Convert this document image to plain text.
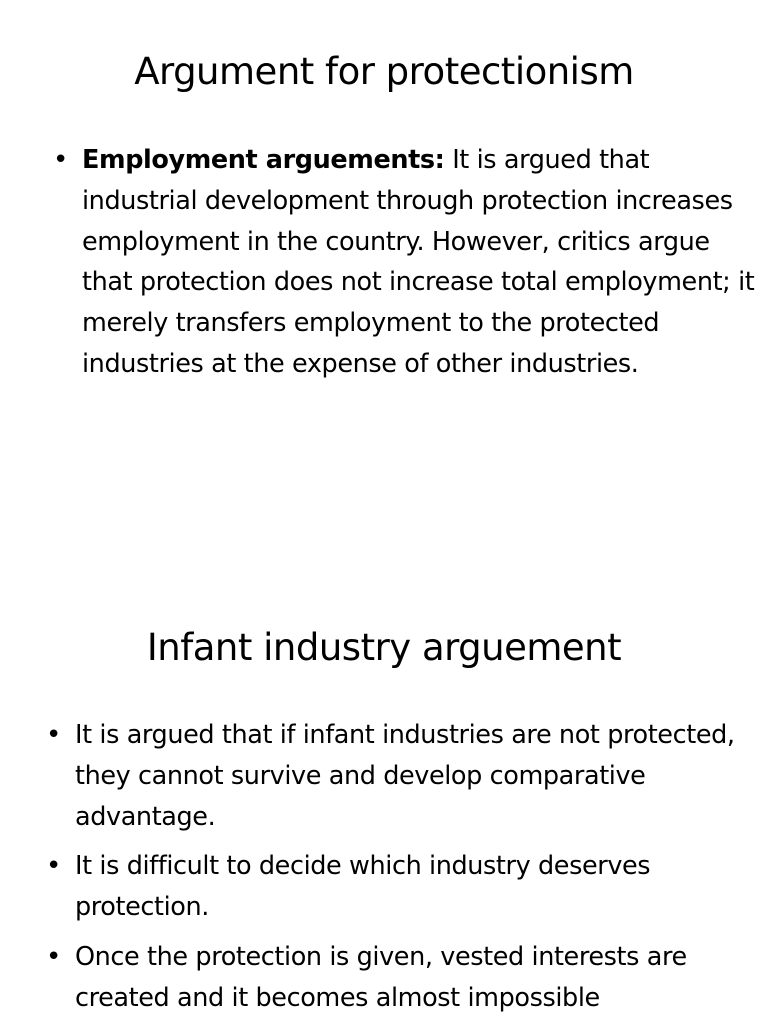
Argument for protectionism
• Employment arguements: It is argued that industrial development through protection increases employment in the country. However, critics argue that protection does not increase total employment; it merely transfers employment to the protected industries at the expense of other industries.
Infant industry arguement
• It is argued that if infant industries are not protected, they cannot survive and develop comparative advantage.
• It is difficult to decide which industry deserves protection.
• Once the protection is given, vested interests are created and it becomes almost impossible
